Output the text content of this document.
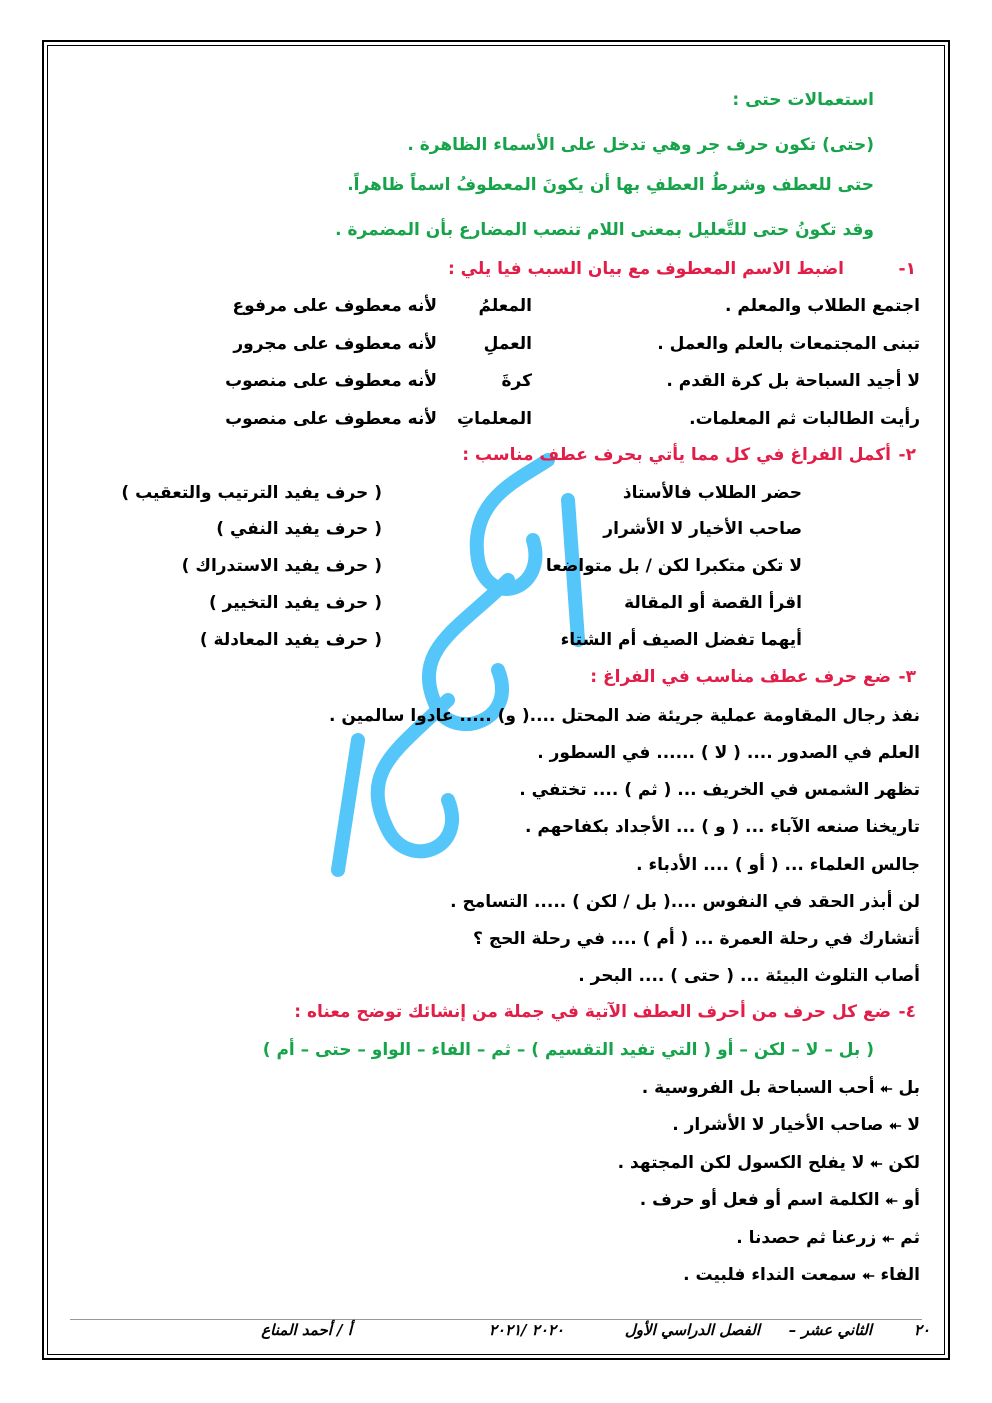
استعمالات حتى :
(حتى) تكون حرف جر وهي تدخل على الأسماء الظاهرة .
حتى للعطف وشرطُ العطفِ بها أن يكونَ المعطوفُ اسماً ظاهراً.
وقد تكونُ حتى للتَّعليل بمعنى اللام تنصب المضارع بأن المضمرة .
١-
اضبط الاسم المعطوف مع بيان السبب فيا يلي :
اجتمع الطلاب والمعلم .
المعلمُ
لأنه معطوف على مرفوع
تبنى المجتمعات بالعلم والعمل .
العملِ
لأنه معطوف على مجرور
لا أجيد السباحة بل كرة القدم .
كرةَ
لأنه معطوف على منصوب
رأيت الطالبات ثم المعلمات.
المعلماتِ
لأنه معطوف على منصوب
٢-
أكمل الفراغ في كل مما يأتي بحرف عطف مناسب :
حضر الطلاب فالأستاذ
( حرف يفيد الترتيب والتعقيب )
صاحب الأخيار لا الأشرار
( حرف يفيد النفي )
لا تكن متكبرا لكن / بل متواضعا
( حرف يفيد الاستدراك )
اقرأ القصة أو المقالة
( حرف يفيد التخيير )
أيهما تفضل الصيف أم الشتاء
( حرف يفيد المعادلة )
٣-
ضع حرف عطف مناسب في الفراغ :
نفذ رجال المقاومة عملية جريئة ضد المحتل ....( و) ..... عادوا سالمين .
العلم في الصدور .... ( لا ) ...... في السطور .
تظهر الشمس في الخريف ... ( ثم ) .... تختفي .
تاريخنا صنعه الآباء ... ( و ) ... الأجداد بكفاحهم .
جالس العلماء ... ( أو ) .... الأدباء .
لن أبذر الحقد في النفوس ....( بل / لكن ) ..... التسامح .
أتشارك في رحلة العمرة ... ( أم ) .... في رحلة الحج ؟
أصاب التلوث البيئة ... ( حتى ) .... البحر .
٤-
ضع كل حرف من أحرف العطف الآتية في جملة من إنشائك توضح معناه :
( بل – لا – لكن – أو ( التي تفيد التقسيم ) – ثم – الفاء – الواو – حتى – أم )
بل⯬أحب السباحة بل الفروسية .
لا⯬صاحب الأخيار لا الأشرار .
لكن⯬لا يفلح الكسول لكن المجتهد .
أو⯬الكلمة اسم أو فعل أو حرف .
ثم⯬زرعنا ثم حصدنا .
الفاء⯬سمعت النداء فلبيت .
٢٠
الثاني عشر –
الفصل الدراسي الأول
٢٠٢٠ /٢٠٢١
أ / أحمد المناع
